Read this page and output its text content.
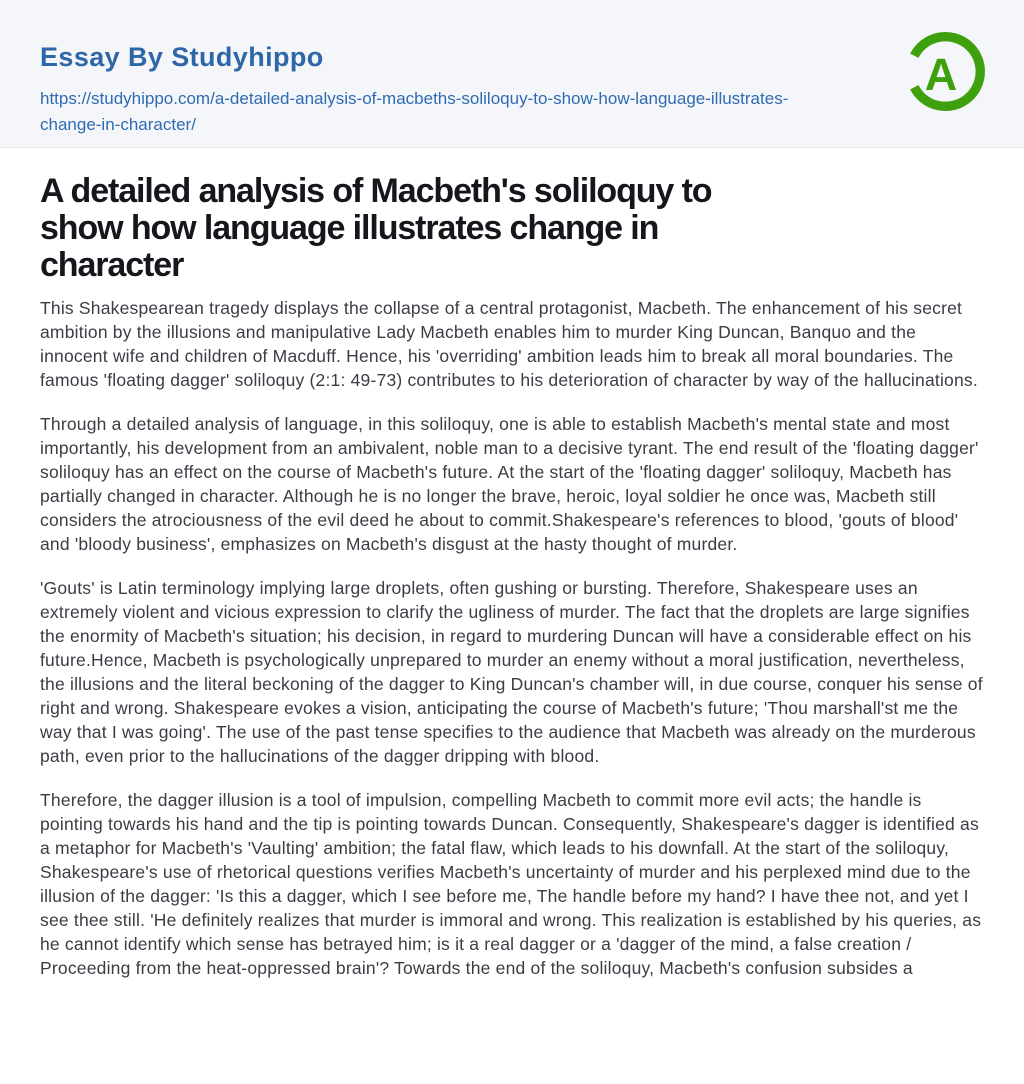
Essay By Studyhippo
https://studyhippo.com/a-detailed-analysis-of-macbeths-soliloquy-to-show-how-language-illustrates-change-in-character/
A
A detailed analysis of Macbeth's soliloquy to
show how language illustrates change in
character

This Shakespearean tragedy displays the collapse of a central protagonist, Macbeth. The enhancement of his secret ambition by the illusions and manipulative Lady Macbeth enables him to murder King Duncan, Banquo and the innocent wife and children of Macduff. Hence, his 'overriding' ambition leads him to break all moral boundaries. The famous 'floating dagger' soliloquy (2:1: 49-73) contributes to his deterioration of character by way of the hallucinations.

Through a detailed analysis of language, in this soliloquy, one is able to establish Macbeth's mental state and most importantly, his development from an ambivalent, noble man to a decisive tyrant. The end result of the 'floating dagger' soliloquy has an effect on the course of Macbeth's future. At the start of the 'floating dagger' soliloquy, Macbeth has partially changed in character. Although he is no longer the brave, heroic, loyal soldier he once was, Macbeth still considers the atrociousness of the evil deed he about to commit.Shakespeare's references to blood, 'gouts of blood' and 'bloody business', emphasizes on Macbeth's disgust at the hasty thought of murder.

'Gouts' is Latin terminology implying large droplets, often gushing or bursting. Therefore, Shakespeare uses an extremely violent and vicious expression to clarify the ugliness of murder. The fact that the droplets are large signifies the enormity of Macbeth's situation; his decision, in regard to murdering Duncan will have a considerable effect on his future.Hence, Macbeth is psychologically unprepared to murder an enemy without a moral justification, nevertheless, the illusions and the literal beckoning of the dagger to King Duncan's chamber will, in due course, conquer his sense of right and wrong. Shakespeare evokes a vision, anticipating the course of Macbeth's future; 'Thou marshall'st me the way that I was going'. The use of the past tense specifies to the audience that Macbeth was already on the murderous path, even prior to the hallucinations of the dagger dripping with blood.

Therefore, the dagger illusion is a tool of impulsion, compelling Macbeth to commit more evil acts; the handle is pointing towards his hand and the tip is pointing towards Duncan. Consequently, Shakespeare's dagger is identified as a metaphor for Macbeth's 'Vaulting' ambition; the fatal flaw, which leads to his downfall. At the start of the soliloquy, Shakespeare's use of rhetorical questions verifies Macbeth's uncertainty of murder and his perplexed mind due to the illusion of the dagger: 'Is this a dagger, which I see before me, The handle before my hand? I have thee not, and yet I see thee still. 'He definitely realizes that murder is immoral and wrong. This realization is established by his queries, as he cannot identify which sense has betrayed him; is it a real dagger or a 'dagger of the mind, a false creation / Proceeding from the heat-oppressed brain'? Towards the end of the soliloquy, Macbeth's confusion subsides a
